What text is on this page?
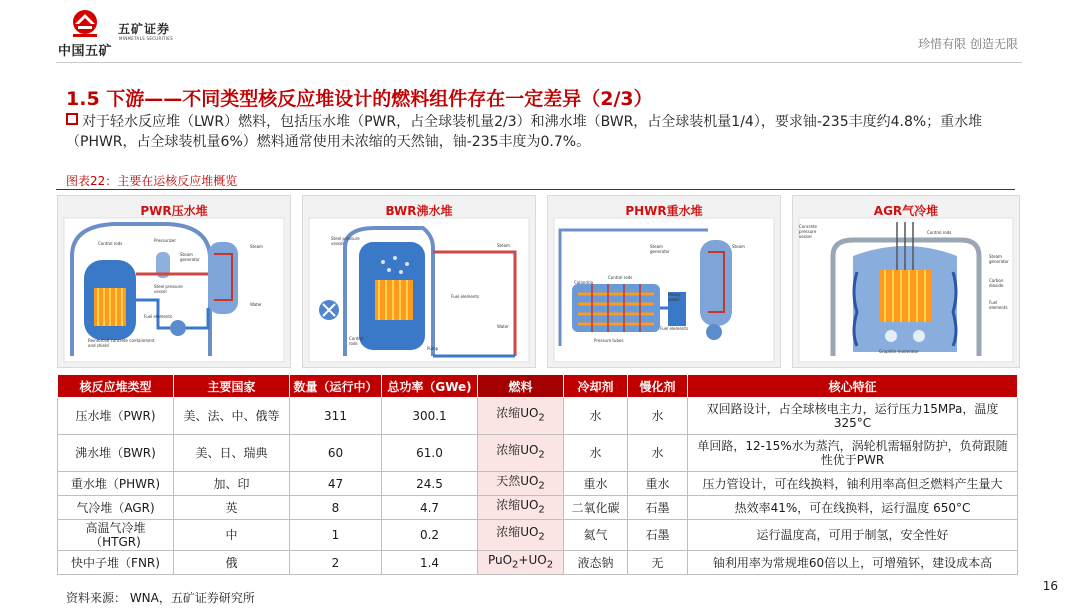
中国五矿
五矿证券
MINMETALS SECURITIES	珍惜有限 创造无限
1.5 下游——不同类型核反应堆设计的燃料组件存在一定差异（2/3）
对于轻水反应堆（LWR）燃料，包括压水堆（PWR，占全球装机量2/3）和沸水堆（BWR，占全球装机量1/4），要求铀-235丰度约4.8%；重水堆（PHWR，占全球装机量6%）燃料通常使用未浓缩的天然铀，铀-235丰度为0.7%。
图表22：主要在运核反应堆概览
PWR压水堆
Control rods
Pressurizer
Steam
Steam generator
Steel pressure vessel
Water
Fuel elements
Reinforced concrete containment and shield
BWR沸水堆
Steel pressure vessel	Steam
Fuel elements
Water
Control rods
Pump
PHWR重水堆
Steam generator
Steam
Control rods
Calandria
Heavy water
Fuel elements
Pressure tubes
AGR气冷堆
Concrete pressure vessel
Control rods
Steam generator
Carbon dioxide
Fuel elements
Graphite moderator
核反应堆类型	主要国家	数量（运行中）	总功率（GWe)	燃料	冷却剂	慢化剂	核心特征
压水堆（PWR)	美、法、中、俄等	311	300.1	浓缩$UO_2$	水	水	双回路设计，占全球核电主力，运行压力15MPa，温度325°C
沸水堆（BWR)	美、日、瑞典	60	61.0	浓缩$UO_2$	水	水	单回路，12-15%水为蒸汽，涡轮机需辐射防护，负荷跟随性优于PWR
重水堆（PHWR)	加、印	47	24.5	天然$UO_2$	重水	重水	压力管设计，可在线换料，铀利用率高但乏燃料产生量大
气冷堆（AGR)	英	8	4.7	浓缩$UO_2$	二氧化碳	石墨	热效率41%，可在线换料，运行温度 650°C
高温气冷堆（HTGR)	中	1	0.2	浓缩$UO_2$	氦气	石墨	运行温度高，可用于制氢，安全性好
快中子堆（FNR)	俄	2	1.4	$PuO_2+UO_2$	液态钠	无	铀利用率为常规堆60倍以上，可增殖钚，建设成本高
资料来源： WNA，五矿证券研究所
16
